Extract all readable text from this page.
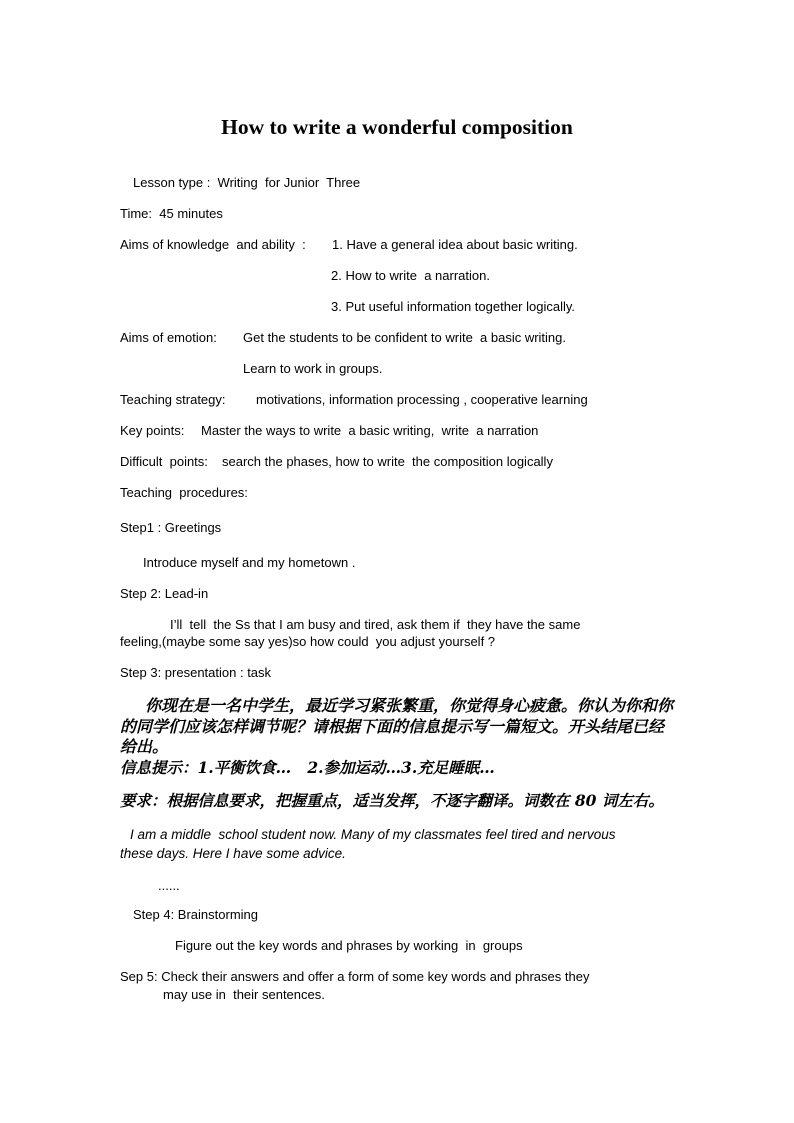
How to write a wonderful composition
Lesson type :  Writing  for Junior  Three
Time:  45 minutes
Aims of knowledge  and ability  : 1. Have a general idea about basic writing.
2. How to write  a narration.
3. Put useful information together logically.
Aims of emotion: Get the students to be confident to write  a basic writing.
Learn to work in groups.
Teaching strategy: motivations, information processing , cooperative learning
Key points: Master the ways to write  a basic writing,  write  a narration
Difficult  points: search the phases, how to write  the composition logically
Teaching  procedures:
Step1 : Greetings
Introduce myself and my hometown .
Step 2: Lead-in
I’ll  tell  the Ss that I am busy and tired, ask them if  they have the same
feeling,(maybe some say yes)so how could  you adjust yourself ?
Step 3: presentation : task
你现在是一名中学生，最近学习紧张繁重，你觉得身心疲惫。你认为你和你
的同学们应该怎样调节呢？请根据下面的信息提示写一篇短文。开头结尾已经
给出。
信息提示：1.平衡饮食…   2.参加运动…3.充足睡眠…
要求：根据信息要求，把握重点，适当发挥，不逐字翻译。词数在 80 词左右。
I am a middle  school student now. Many of my classmates feel tired and nervous
these days. Here I have some advice.
......
Step 4: Brainstorming
Figure out the key words and phrases by working  in  groups
Sep 5: Check their answers and offer a form of some key words and phrases they
may use in  their sentences.
